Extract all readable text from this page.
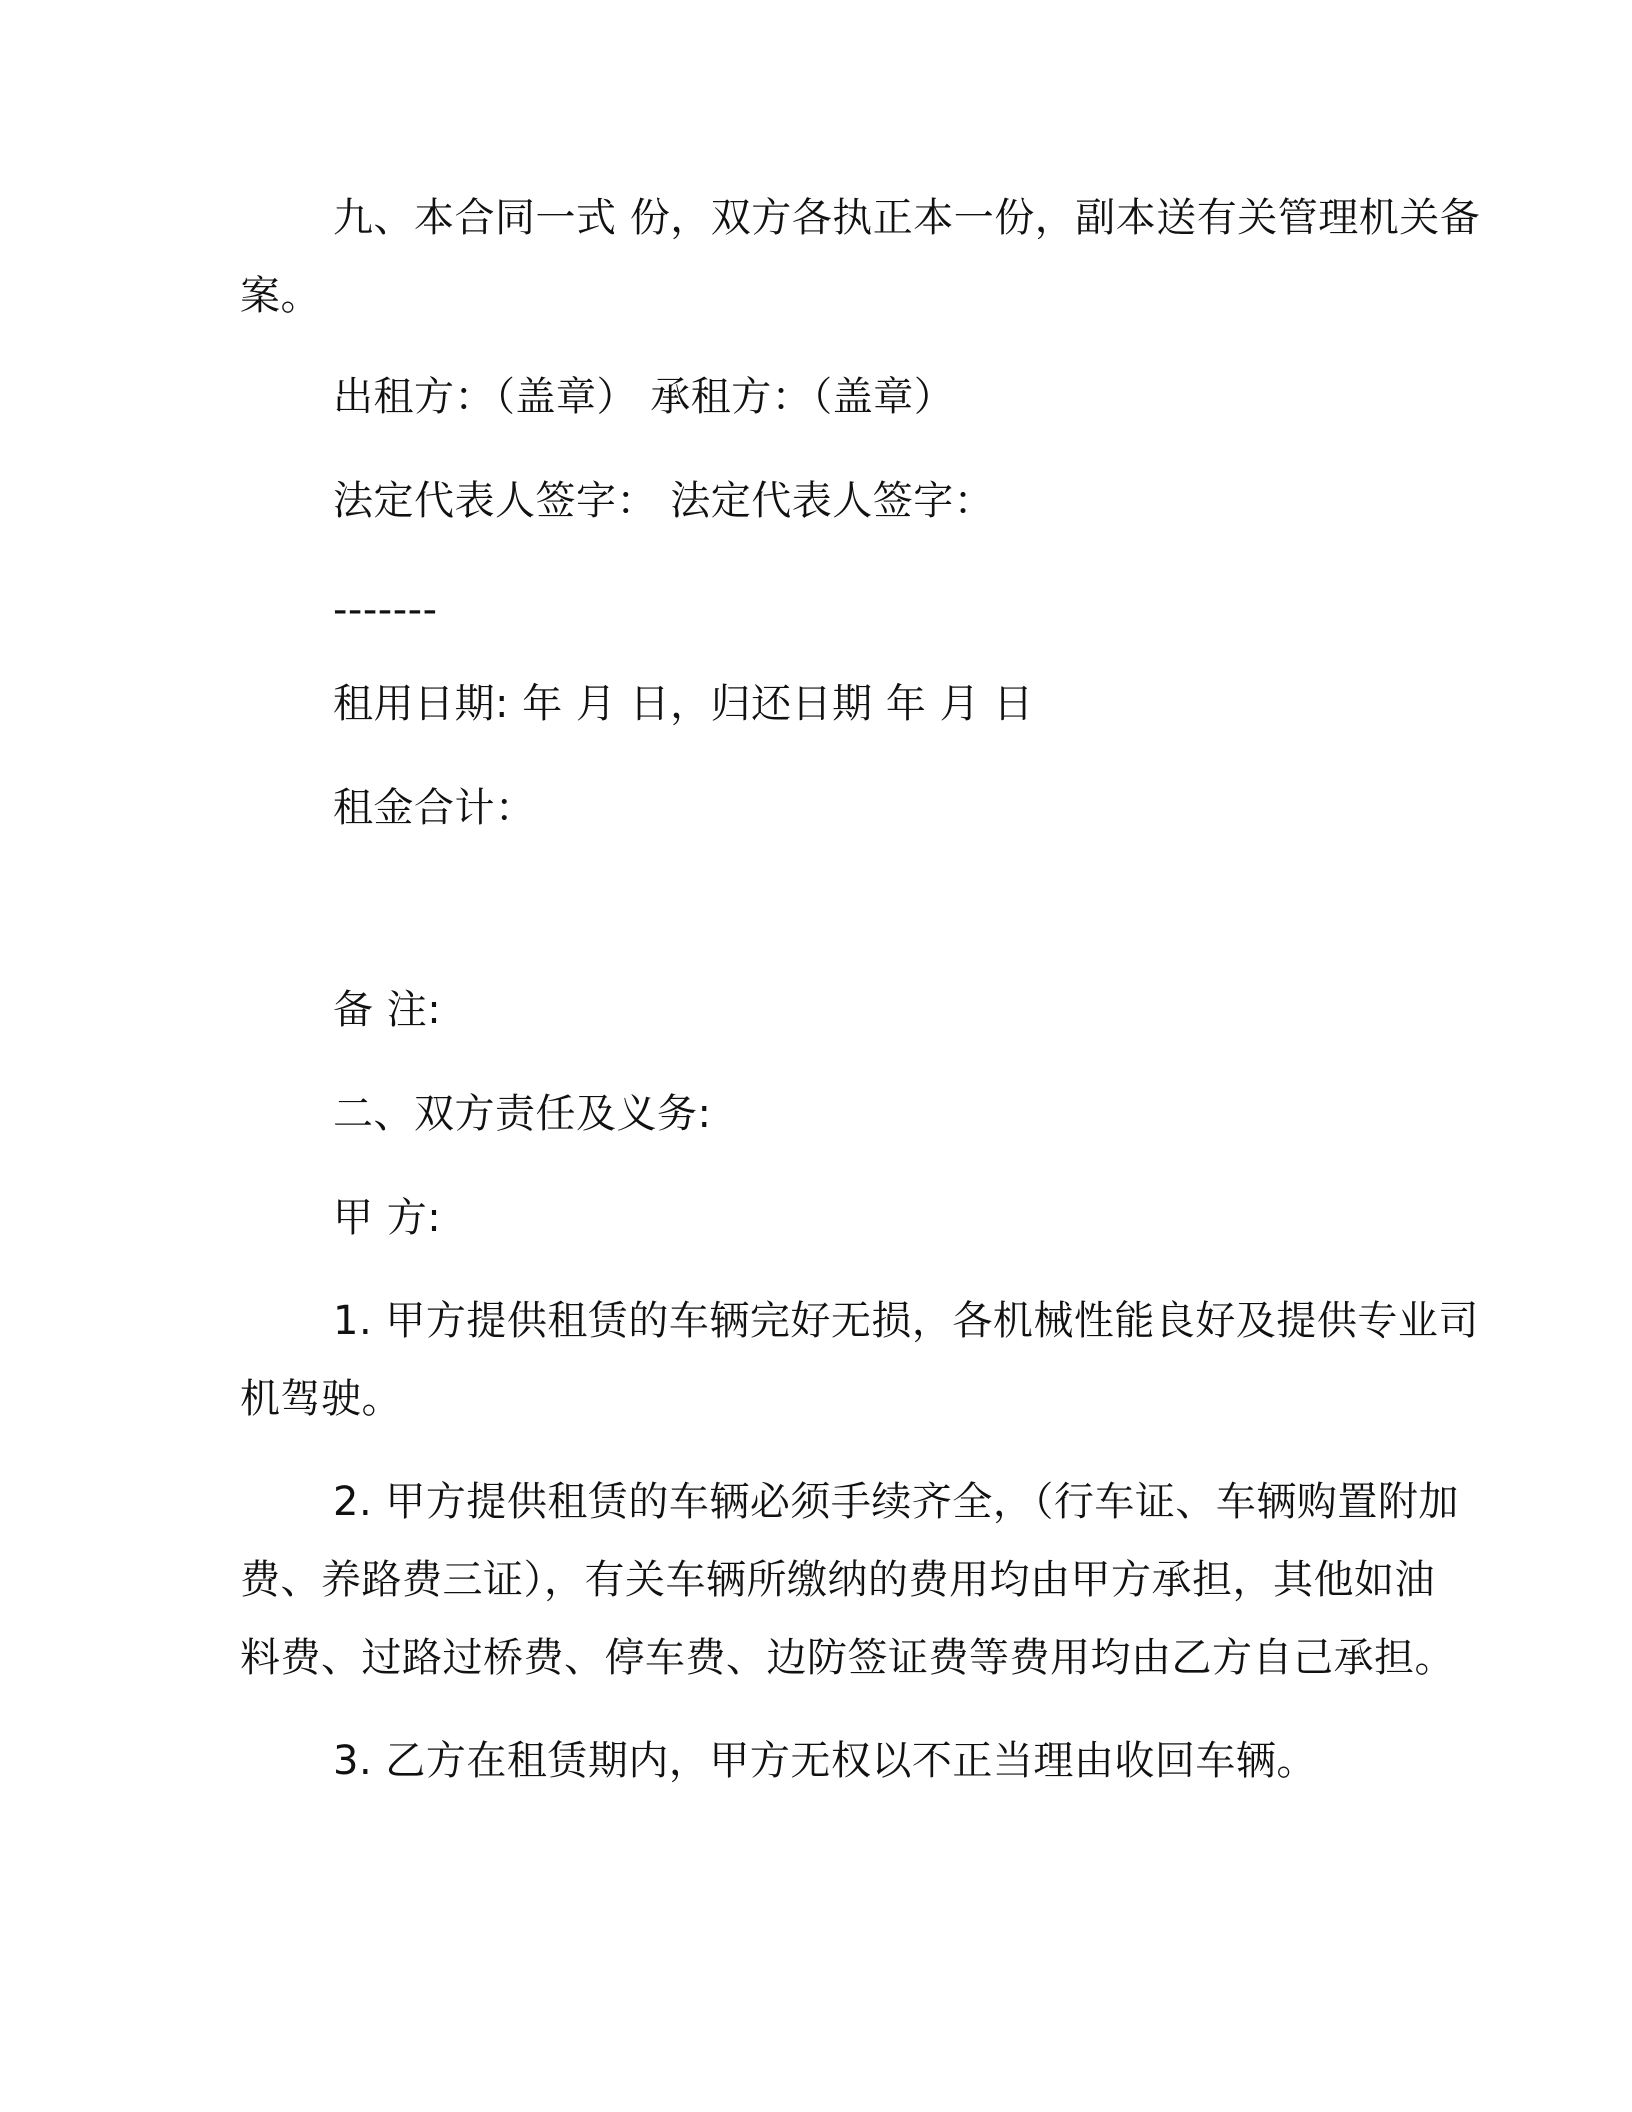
九、本合同一式 份，双方各执正本一份，副本送有关管理机关备
案。
出租方：（盖章） 承租方：（盖章）
法定代表人签字： 法定代表人签字：
-------
租用日期: 年 月 日，归还日期 年 月 日
租金合计：
备 注:
二、双方责任及义务:
甲 方:
1. 甲方提供租赁的车辆完好无损，各机械性能良好及提供专业司
机驾驶。
2. 甲方提供租赁的车辆必须手续齐全，（行车证、车辆购置附加
费、养路费三证），有关车辆所缴纳的费用均由甲方承担，其他如油
料费、过路过桥费、停车费、边防签证费等费用均由乙方自己承担。
3. 乙方在租赁期内，甲方无权以不正当理由收回车辆。
